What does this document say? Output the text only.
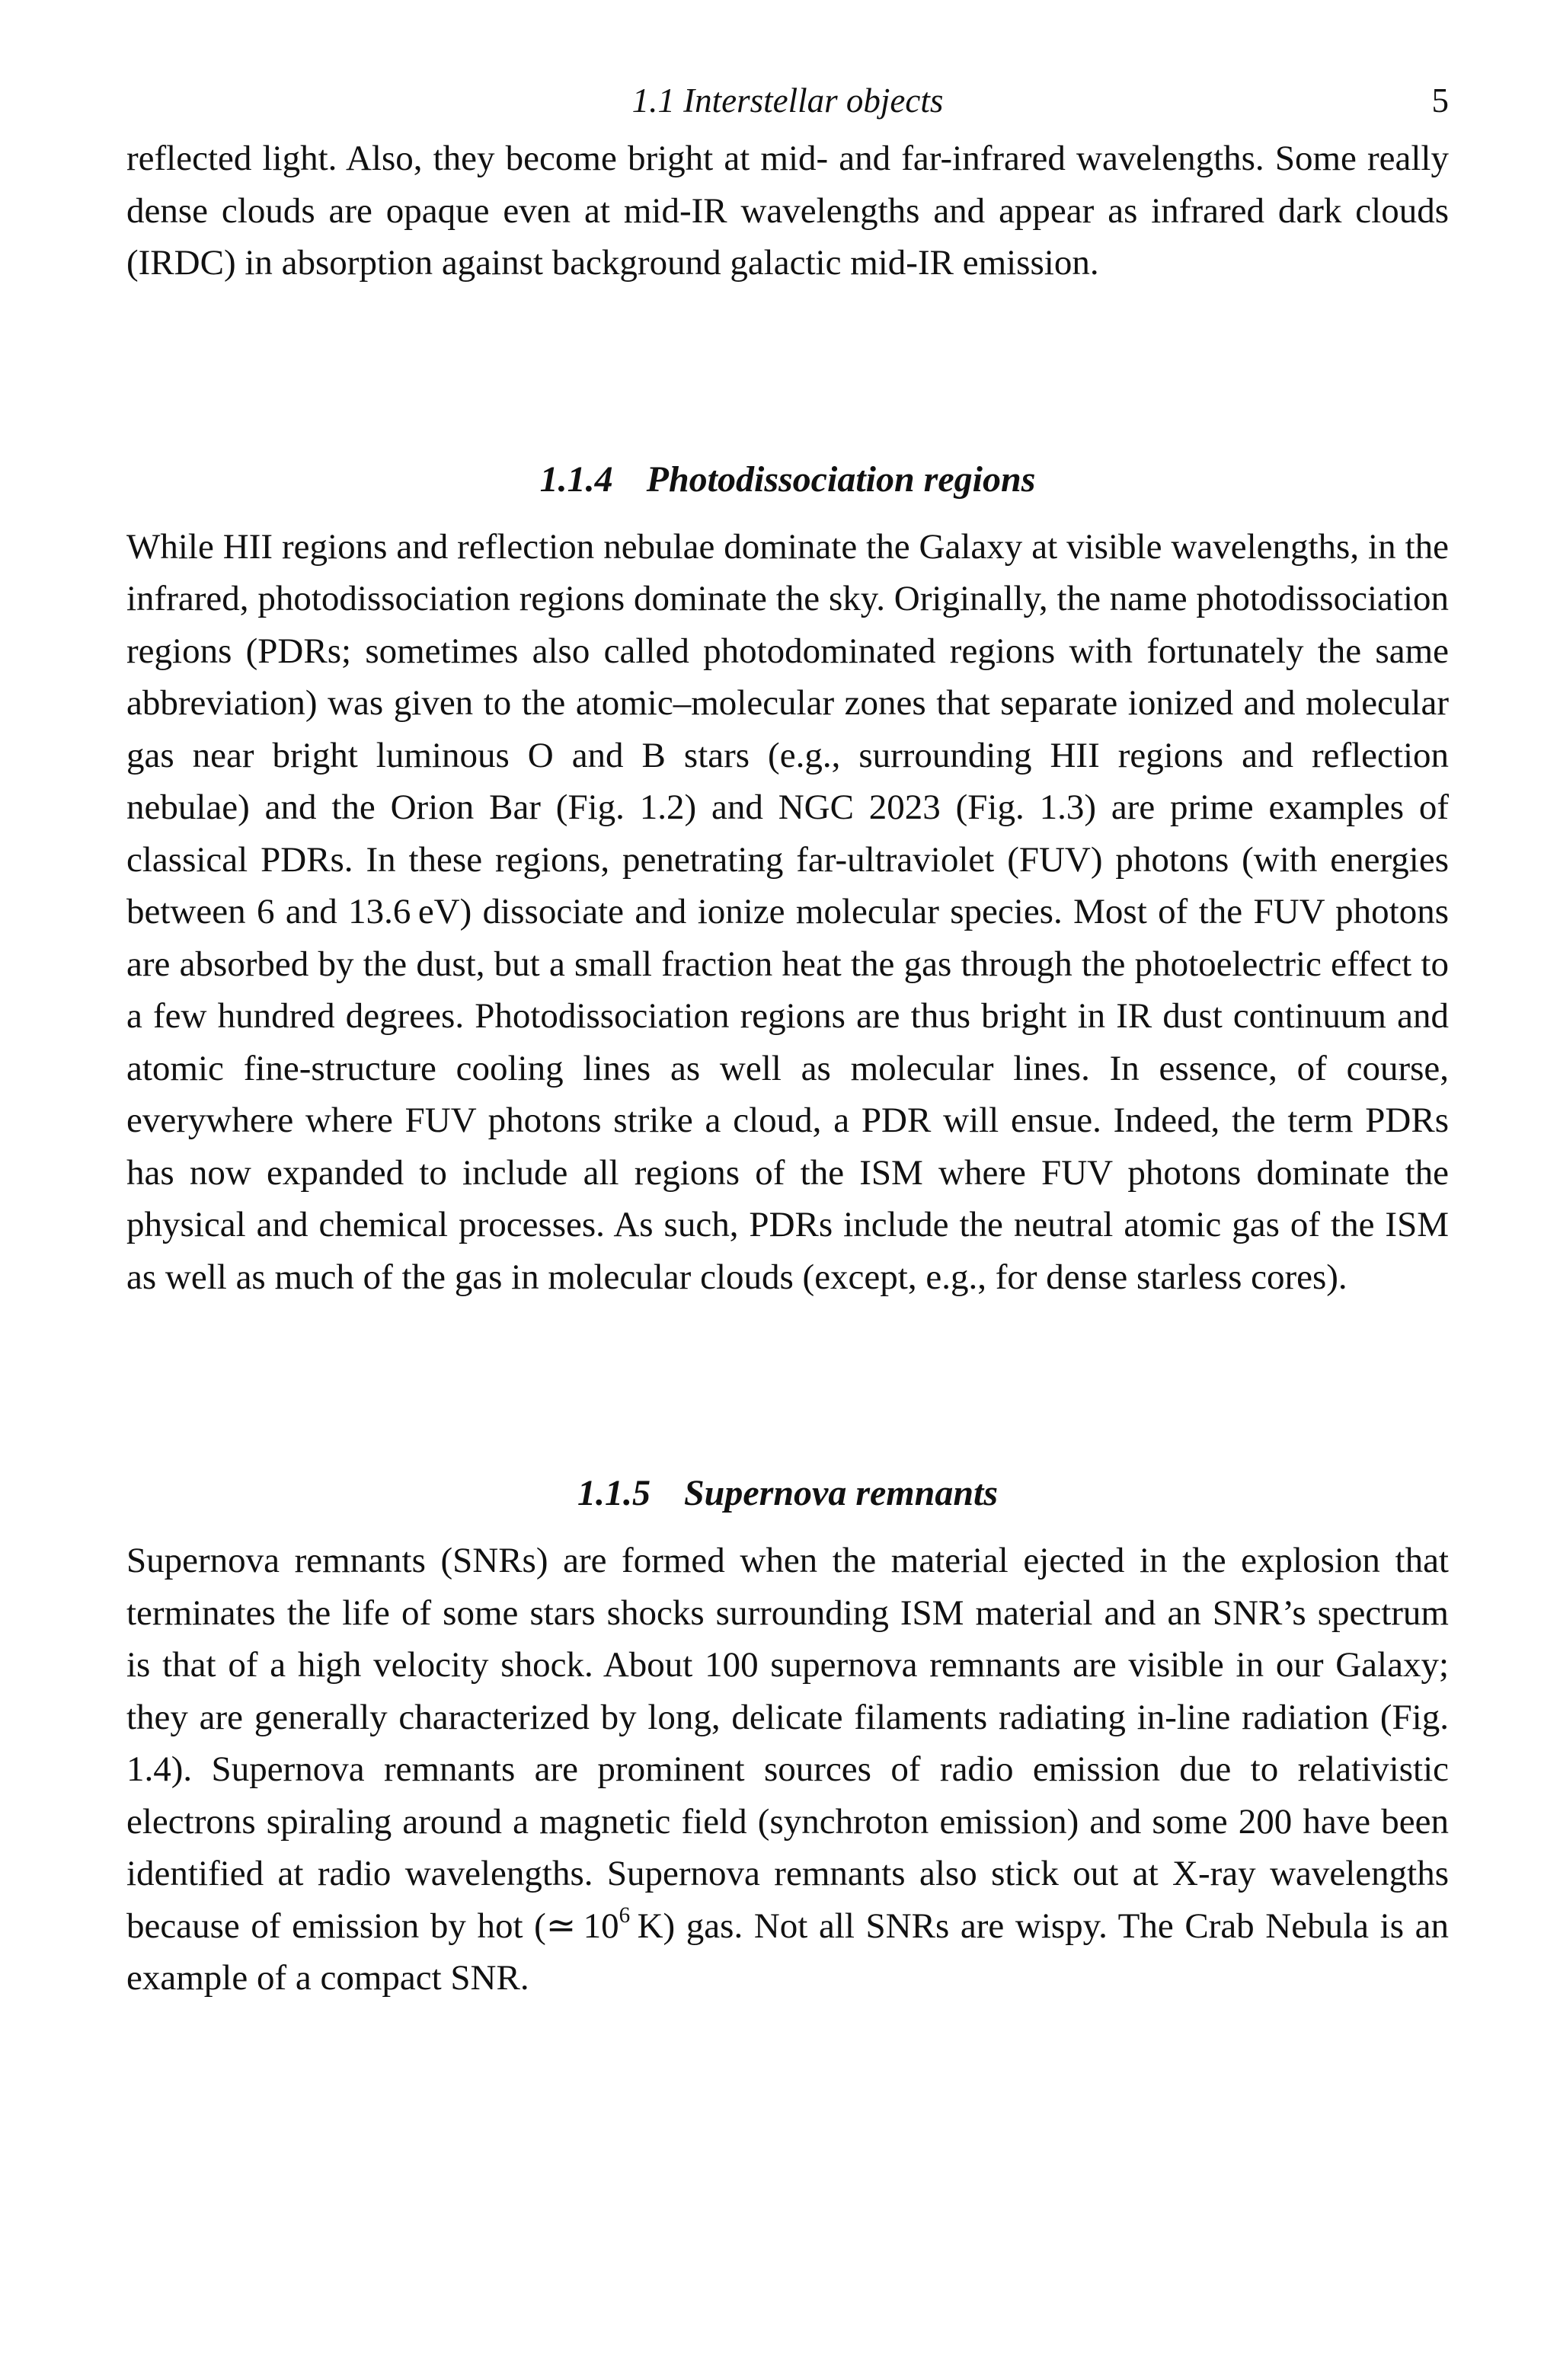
1.1 Interstellar objects	5

reflected light. Also, they become bright at mid- and far-infrared wavelengths. Some really dense clouds are opaque even at mid-IR wavelengths and appear as infrared dark clouds (IRDC) in absorption against background galactic mid-IR emission.

1.1.4 Photodissociation regions

While HII regions and reflection nebulae dominate the Galaxy at visible wavelengths, in the infrared, photodissociation regions dominate the sky. Originally, the name photodissociation regions (PDRs; sometimes also called photodominated regions with fortunately the same abbreviation) was given to the atomic–molecular zones that separate ionized and molecular gas near bright luminous O and B stars (e.g., surrounding HII regions and reflection nebulae) and the Orion Bar (Fig. 1.2) and NGC 2023 (Fig. 1.3) are prime examples of classical PDRs. In these regions, penetrating far-ultraviolet (FUV) photons (with energies between 6 and 13.6 eV) dissociate and ionize molecular species. Most of the FUV photons are absorbed by the dust, but a small fraction heat the gas through the photoelectric effect to a few hundred degrees. Photodissociation regions are thus bright in IR dust continuum and atomic fine-structure cooling lines as well as molecular lines. In essence, of course, everywhere where FUV photons strike a cloud, a PDR will ensue. Indeed, the term PDRs has now expanded to include all regions of the ISM where FUV photons dominate the physical and chemical processes. As such, PDRs include the neutral atomic gas of the ISM as well as much of the gas in molecular clouds (except, e.g., for dense starless cores).

1.1.5 Supernova remnants

Supernova remnants (SNRs) are formed when the material ejected in the explosion that terminates the life of some stars shocks surrounding ISM material and an SNR’s spectrum is that of a high velocity shock. About 100 supernova remnants are visible in our Galaxy; they are generally characterized by long, delicate filaments radiating in-line radiation (Fig. 1.4). Supernova remnants are prominent sources of radio emission due to relativistic electrons spiraling around a magnetic field (synchroton emission) and some 200 have been identified at radio wavelengths. Supernova remnants also stick out at X-ray wavelengths because of emission by hot (≃ $10^6$ K) gas. Not all SNRs are wispy. The Crab Nebula is an example of a compact SNR.
